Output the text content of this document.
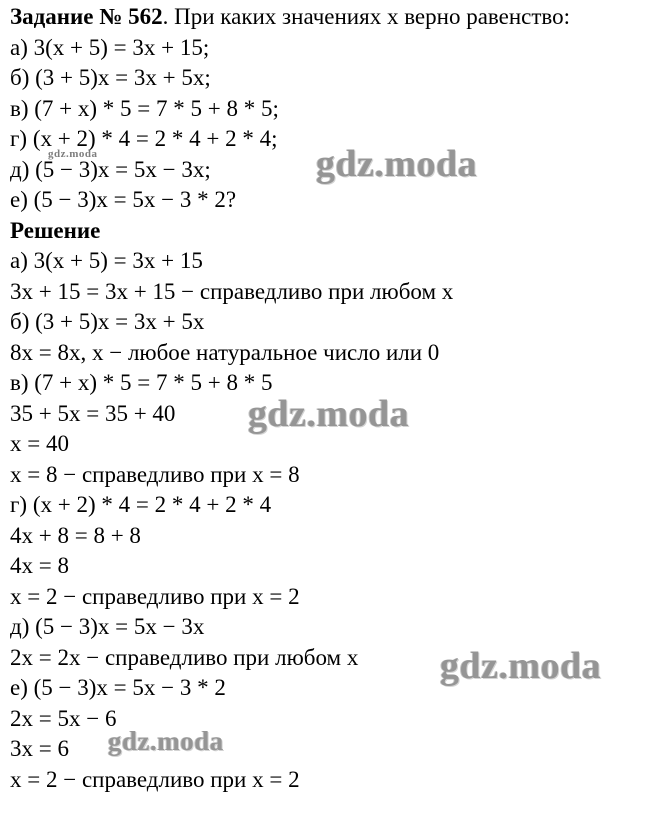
Задание № 562. При каких значениях x верно равенство:
а) 3(x + 5) = 3x + 15;
б) (3 + 5)x = 3x + 5x;
в) (7 + x) * 5 = 7 * 5 + 8 * 5;
г) (x + 2) * 4 = 2 * 4 + 2 * 4;
д) (5 − 3)x = 5x − 3x;
е) (5 − 3)x = 5x − 3 * 2?
Решение
а) 3(x + 5) = 3x + 15
3x + 15 = 3x + 15 − справедливо при любом x
б) (3 + 5)x = 3x + 5x
8x = 8x, x − любое натуральное число или 0
в) (7 + x) * 5 = 7 * 5 + 8 * 5
35 + 5x = 35 + 40
x = 40
x = 8 − справедливо при x = 8
г) (x + 2) * 4 = 2 * 4 + 2 * 4
4x + 8 = 8 + 8
4x = 8
x = 2 − справедливо при x = 2
д) (5 − 3)x = 5x − 3x
2x = 2x − справедливо при любом x
е) (5 − 3)x = 5x − 3 * 2
2x = 5x − 6
3x = 6
x = 2 − справедливо при x = 2
gdz.moda	gdz.moda
gdz.moda
gdz.moda
gdz.moda
